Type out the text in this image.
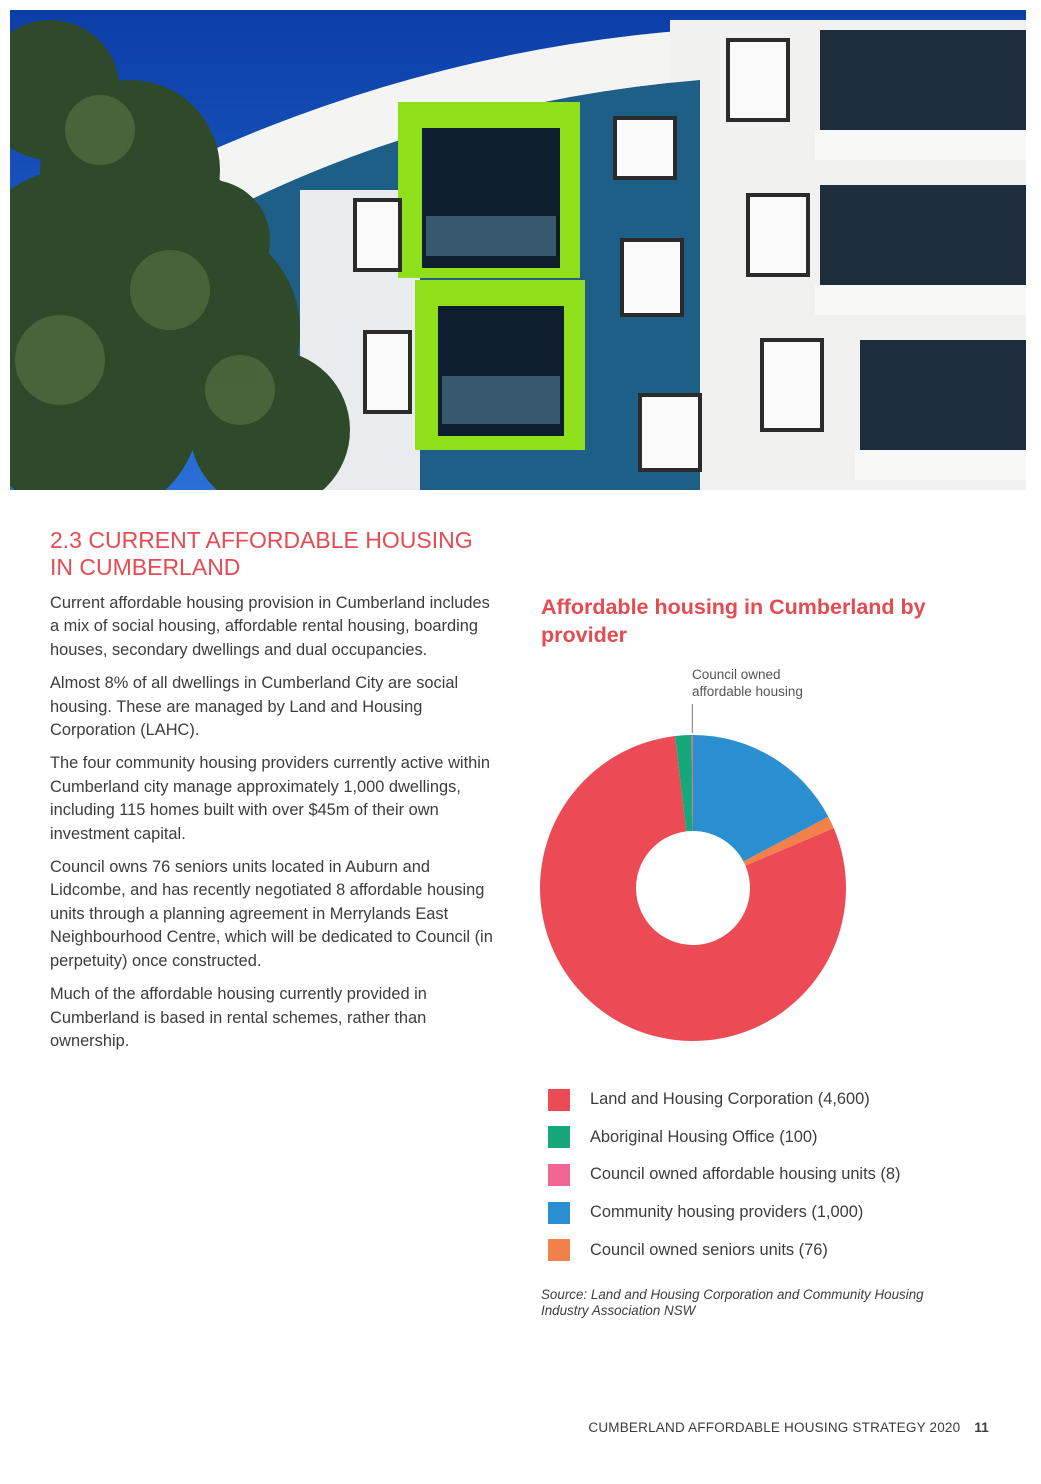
2.3 CURRENT AFFORDABLE HOUSING IN CUMBERLAND

Current affordable housing provision in Cumberland includes a mix of social housing, affordable rental housing, boarding houses, secondary dwellings and dual occupancies.

Almost 8% of all dwellings in Cumberland City are social housing. These are managed by Land and Housing Corporation (LAHC).

The four community housing providers currently active within Cumberland city manage approximately 1,000 dwellings, including 115 homes built with over $45m of their own investment capital.

Council owns 76 seniors units located in Auburn and Lidcombe, and has recently negotiated 8 affordable housing units through a planning agreement in Merrylands East Neighbourhood Centre, which will be dedicated to Council (in perpetuity) once constructed.

Much of the affordable housing currently provided in Cumberland is based in rental schemes, rather than ownership.

Affordable housing in Cumberland by provider
Council owned affordable housing
Land and Housing Corporation (4,600)
Aboriginal Housing Office (100)
Council owned affordable housing units (8)
Community housing providers (1,000)
Council owned seniors units (76)

Source: Land and Housing Corporation and Community Housing Industry Association NSW

CUMBERLAND AFFORDABLE HOUSING STRATEGY 2020 11
